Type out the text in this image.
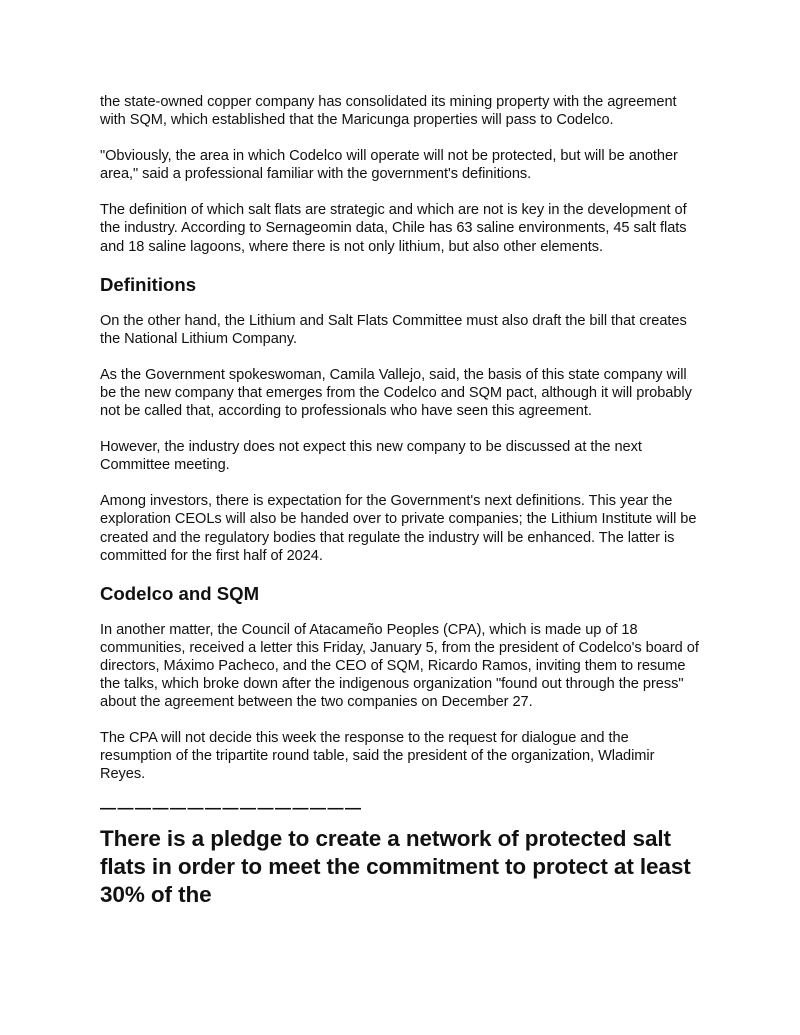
the state-owned copper company has consolidated its mining property with the agreement with SQM, which established that the Maricunga properties will pass to Codelco.

"Obviously, the area in which Codelco will operate will not be protected, but will be another area," said a professional familiar with the government's definitions.

The definition of which salt flats are strategic and which are not is key in the development of the industry. According to Sernageomin data, Chile has 63 saline environments, 45 salt flats and 18 saline lagoons, where there is not only lithium, but also other elements.

Definitions

On the other hand, the Lithium and Salt Flats Committee must also draft the bill that creates the National Lithium Company.

As the Government spokeswoman, Camila Vallejo, said, the basis of this state company will be the new company that emerges from the Codelco and SQM pact, although it will probably not be called that, according to professionals who have seen this agreement.

However, the industry does not expect this new company to be discussed at the next Committee meeting.

Among investors, there is expectation for the Government's next definitions. This year the exploration CEOLs will also be handed over to private companies; the Lithium Institute will be created and the regulatory bodies that regulate the industry will be enhanced. The latter is committed for the first half of 2024.

Codelco and SQM

In another matter, the Council of Atacameño Peoples (CPA), which is made up of 18 communities, received a letter this Friday, January 5, from the president of Codelco's board of directors, Máximo Pacheco, and the CEO of SQM, Ricardo Ramos, inviting them to resume the talks, which broke down after the indigenous organization "found out through the press" about the agreement between the two companies on December 27.

The CPA will not decide this week the response to the request for dialogue and the resumption of the tripartite round table, said the president of the organization, Wladimir Reyes.

———————————————
There is a pledge to create a network of protected salt flats in order to meet the commitment to protect at least 30% of the
